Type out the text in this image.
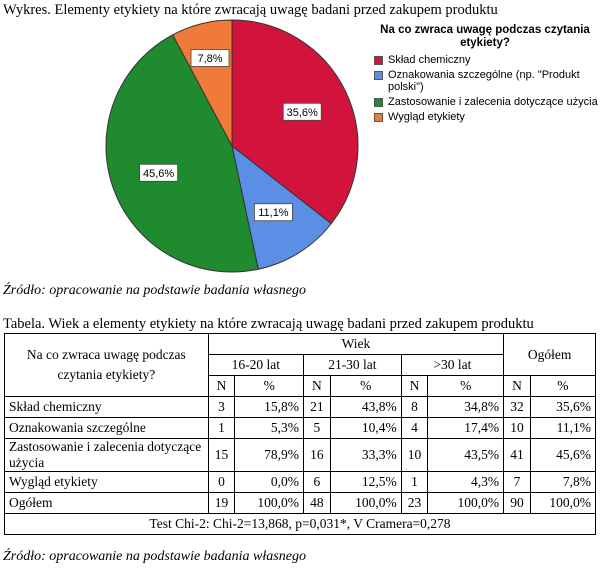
Wykres. Elementy etykiety na które zwracają uwagę badani przed zakupem produktu
35,6%
11,1%
45,6%
7,8%
Na co zwraca uwagę podczas czytania etykiety?
Skład chemiczny
Oznakowania szczególne (np. "Produkt polski")
Zastosowanie i zalecenia dotyczące użycia
Wygląd etykiety
Źródło: opracowanie na podstawie badania własnego
Tabela. Wiek a elementy etykiety na które zwracają uwagę badani przed zakupem produktu
Na co zwraca uwagę podczas czytania etykiety?	Wiek						Ogółem	
	16-20 lat		21-30 lat		>30 lat			
	N	%	N	%	N	%	N	%
Skład chemiczny	3	15,8%	21	43,8%	8	34,8%	32	35,6%
Oznakowania szczególne	1	5,3%	5	10,4%	4	17,4%	10	11,1%
Zastosowanie i zalecenia dotyczące użycia	15	78,9%	16	33,3%	10	43,5%	41	45,6%
Wygląd etykiety	0	0,0%	6	12,5%	1	4,3%	7	7,8%
Ogółem	19	100,0%	48	100,0%	23	100,0%	90	100,0%
Test Chi-2: Chi-2=13,868, p=0,031*, V Cramera=0,278								
Źródło: opracowanie na podstawie badania własnego
